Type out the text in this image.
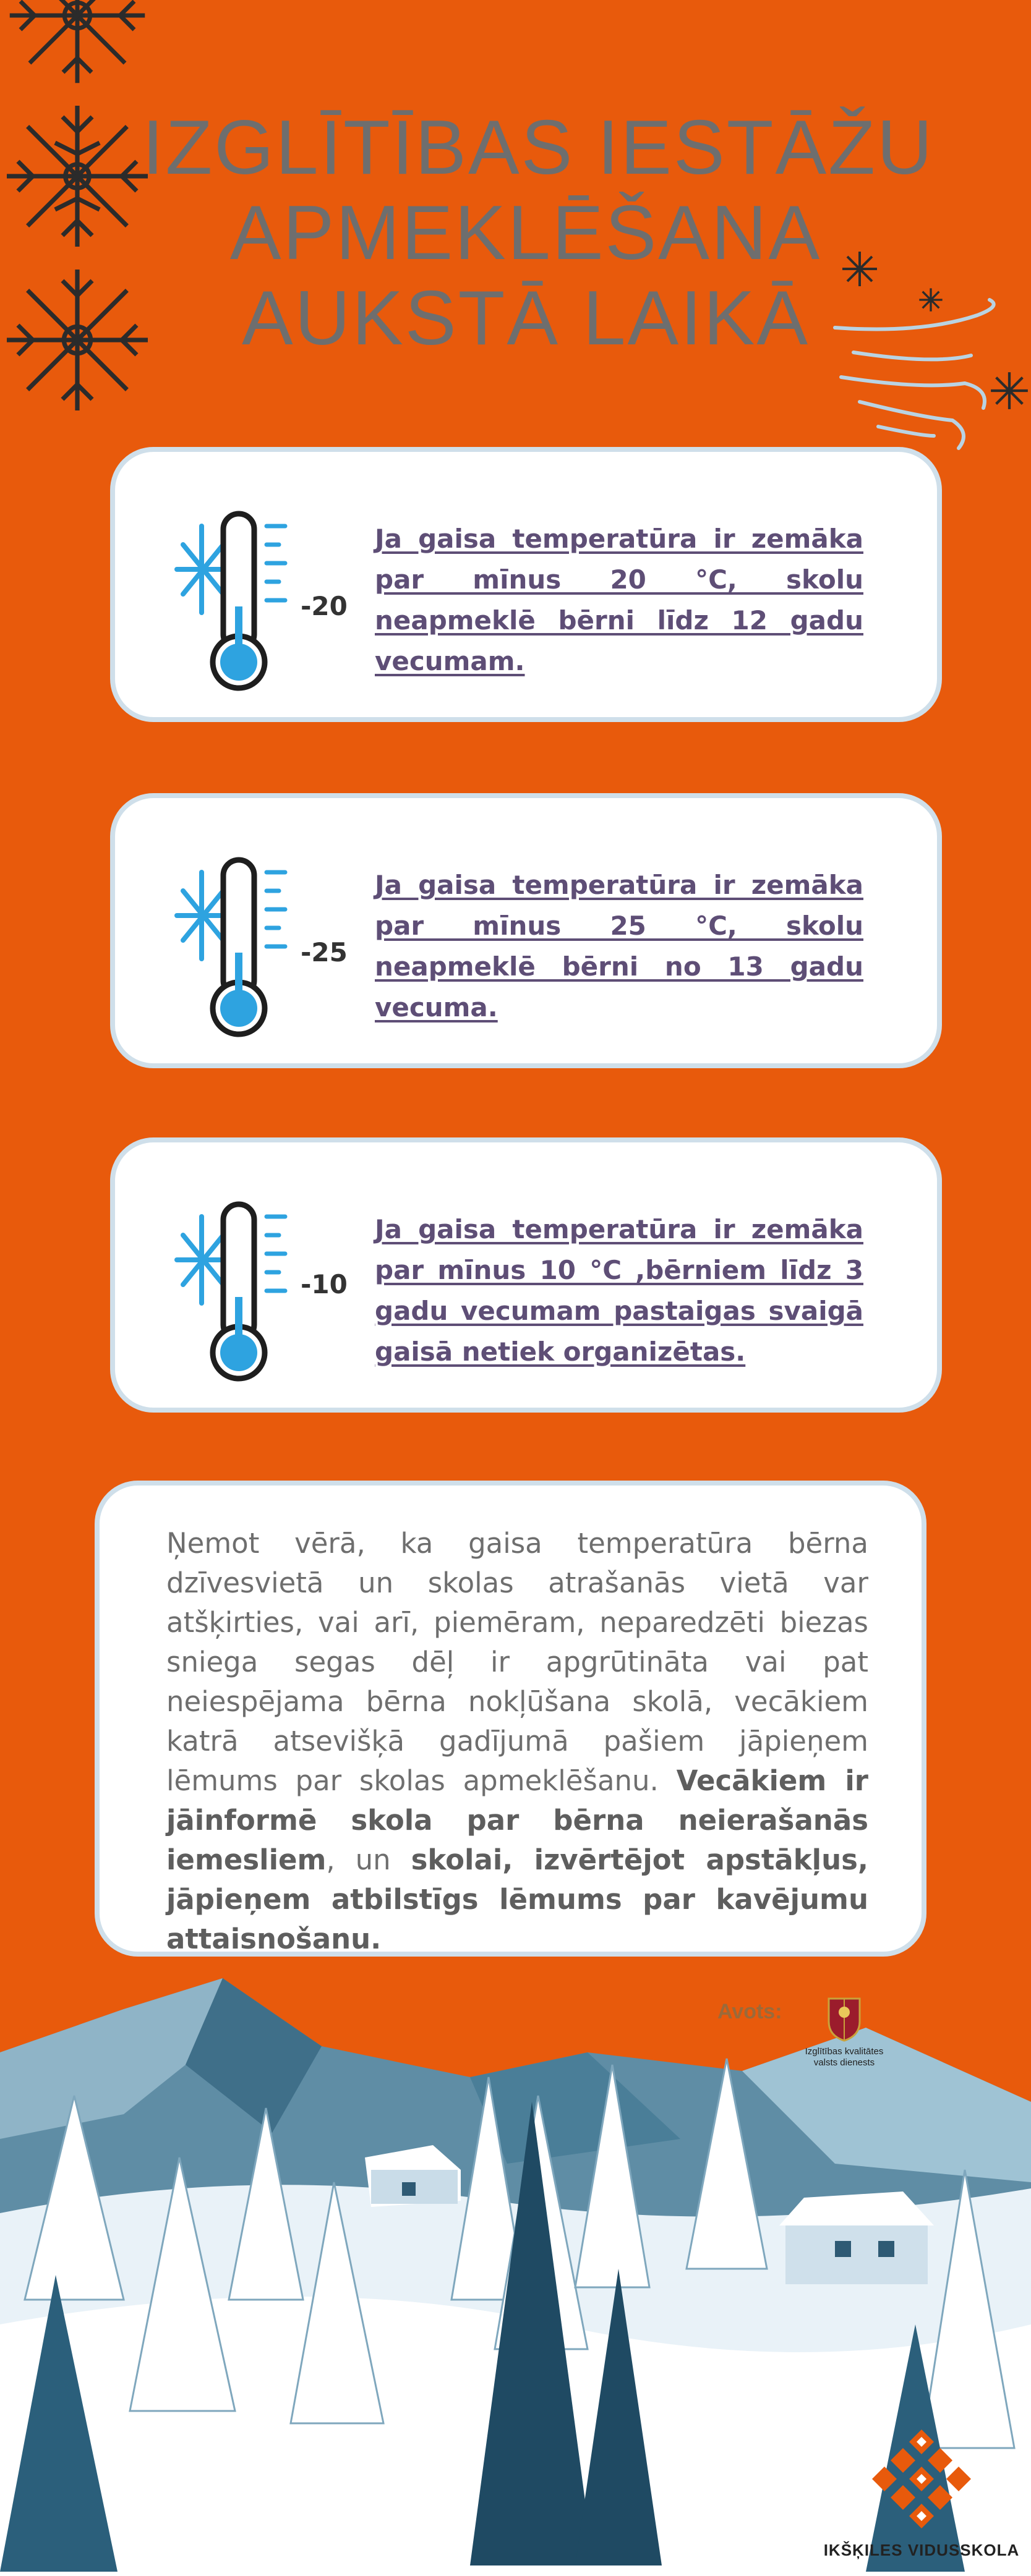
IZGLĪTĪBAS IESTĀŽU
APMEKLĒŠANA
AUKSTĀ LAIKĀ
-20
Ja gaisa temperatūra ir zemāka par mīnus 20 °C, skolu neapmeklē bērni līdz 12 gadu vecumam.
-25
Ja gaisa temperatūra ir zemāka par mīnus 25 °C, skolu neapmeklē bērni no 13 gadu vecuma.
-10
Ja gaisa temperatūra ir zemāka par mīnus 10 °C ,bērniem līdz 3 gadu vecumam pastaigas svaigā gaisā netiek organizētas.

Ņemot vērā, ka gaisa temperatūra bērna dzīvesvietā un skolas atrašanās vietā var atšķirties, vai arī, piemēram, neparedzēti biezas sniega segas dēļ ir apgrūtināta vai pat neiespējama bērna nokļūšana skolā, vecākiem katrā atsevišķā gadījumā pašiem jāpieņem lēmums par skolas apmeklēšanu. Vecākiem ir jāinformē skola par bērna neierašanās iemesliem, un skolai, izvērtējot apstākļus, jāpieņem atbilstīgs lēmums par kavējumu attaisnošanu.

Avots:
Izglītības kvalitātes
valsts dienests
IKŠĶILES VIDUSSKOLA
